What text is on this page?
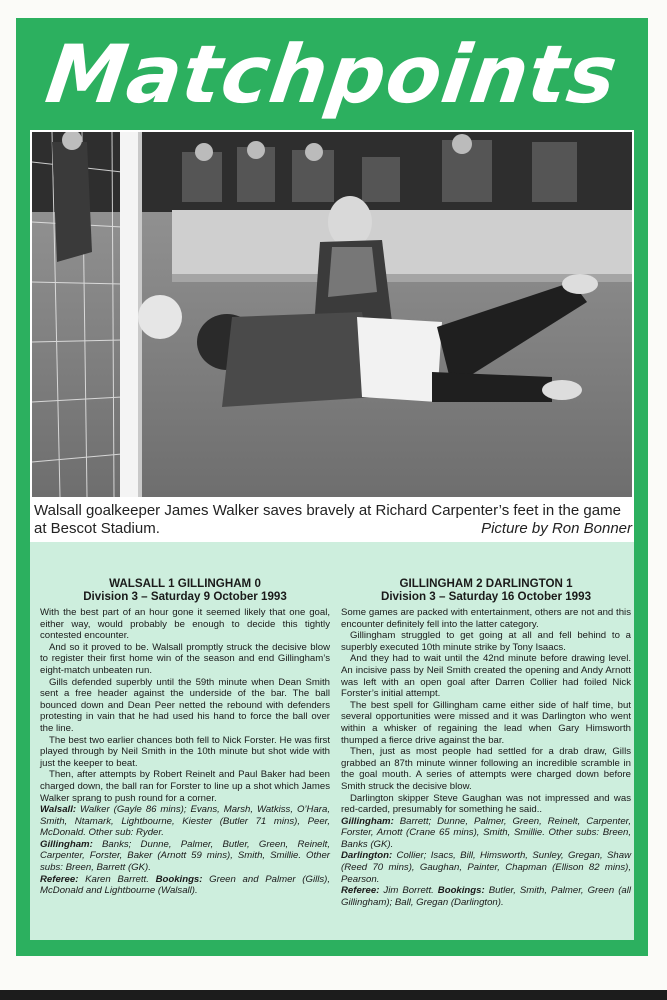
Matchpoints
Walsall goalkeeper James Walker saves bravely at Richard Carpenter’s feet in the game at Bescot Stadium.	Picture by Ron Bonner
WALSALL 1 GILLINGHAM 0
Division 3 – Saturday 9 October 1993

With the best part of an hour gone it seemed likely that one goal, either way, would probably be enough to decide this tightly contested encounter.

And so it proved to be. Walsall promptly struck the decisive blow to register their first home win of the season and end Gillingham’s eight-match unbeaten run.

Gills defended superbly until the 59th minute when Dean Smith sent a free header against the underside of the bar. The ball bounced down and Dean Peer netted the rebound with defenders protesting in vain that he had used his hand to force the ball over the line.

The best two earlier chances both fell to Nick Forster. He was first played through by Neil Smith in the 10th minute but shot wide with just the keeper to beat.

Then, after attempts by Robert Reinelt and Paul Baker had been charged down, the ball ran for Forster to line up a shot which James Walker sprang to push round for a corner.

Walsall: Walker (Gayle 86 mins); Evans, Marsh, Watkiss, O’Hara, Smith, Ntamark, Lightbourne, Kiester (Butler 71 mins), Peer, McDonald. Other sub: Ryder.

Gillingham: Banks; Dunne, Palmer, Butler, Green, Reinelt, Carpenter, Forster, Baker (Arnott 59 mins), Smith, Smillie. Other subs: Breen, Barrett (GK).

Referee: Karen Barrett. Bookings: Green and Palmer (Gills), McDonald and Lightbourne (Walsall).

GILLINGHAM 2 DARLINGTON 1
Division 3 – Saturday 16 October 1993

Some games are packed with entertainment, others are not and this encounter definitely fell into the latter category.

Gillingham struggled to get going at all and fell behind to a superbly executed 10th minute strike by Tony Isaacs.

And they had to wait until the 42nd minute before drawing level. An incisive pass by Neil Smith created the opening and Andy Arnott was left with an open goal after Darren Collier had foiled Nick Forster’s initial attempt.

The best spell for Gillingham came either side of half time, but several opportunities were missed and it was Darlington who went within a whisker of regaining the lead when Gary Himsworth thumped a fierce drive against the bar.

Then, just as most people had settled for a drab draw, Gills grabbed an 87th minute winner following an incredible scramble in the goal mouth. A series of attempts were charged down before Smith struck the decisive blow.

Darlington skipper Steve Gaughan was not impressed and was red-carded, presumably for something he said..

Gillingham: Barrett; Dunne, Palmer, Green, Reinelt, Carpenter, Forster, Arnott (Crane 65 mins), Smith, Smillie. Other subs: Breen, Banks (GK).

Darlington: Collier; Isacs, Bill, Himsworth, Sunley, Gregan, Shaw (Reed 70 mins), Gaughan, Painter, Chapman (Ellison 82 mins), Pearson.

Referee: Jim Borrett. Bookings: Butler, Smith, Palmer, Green (all Gillingham); Ball, Gregan (Darlington).
